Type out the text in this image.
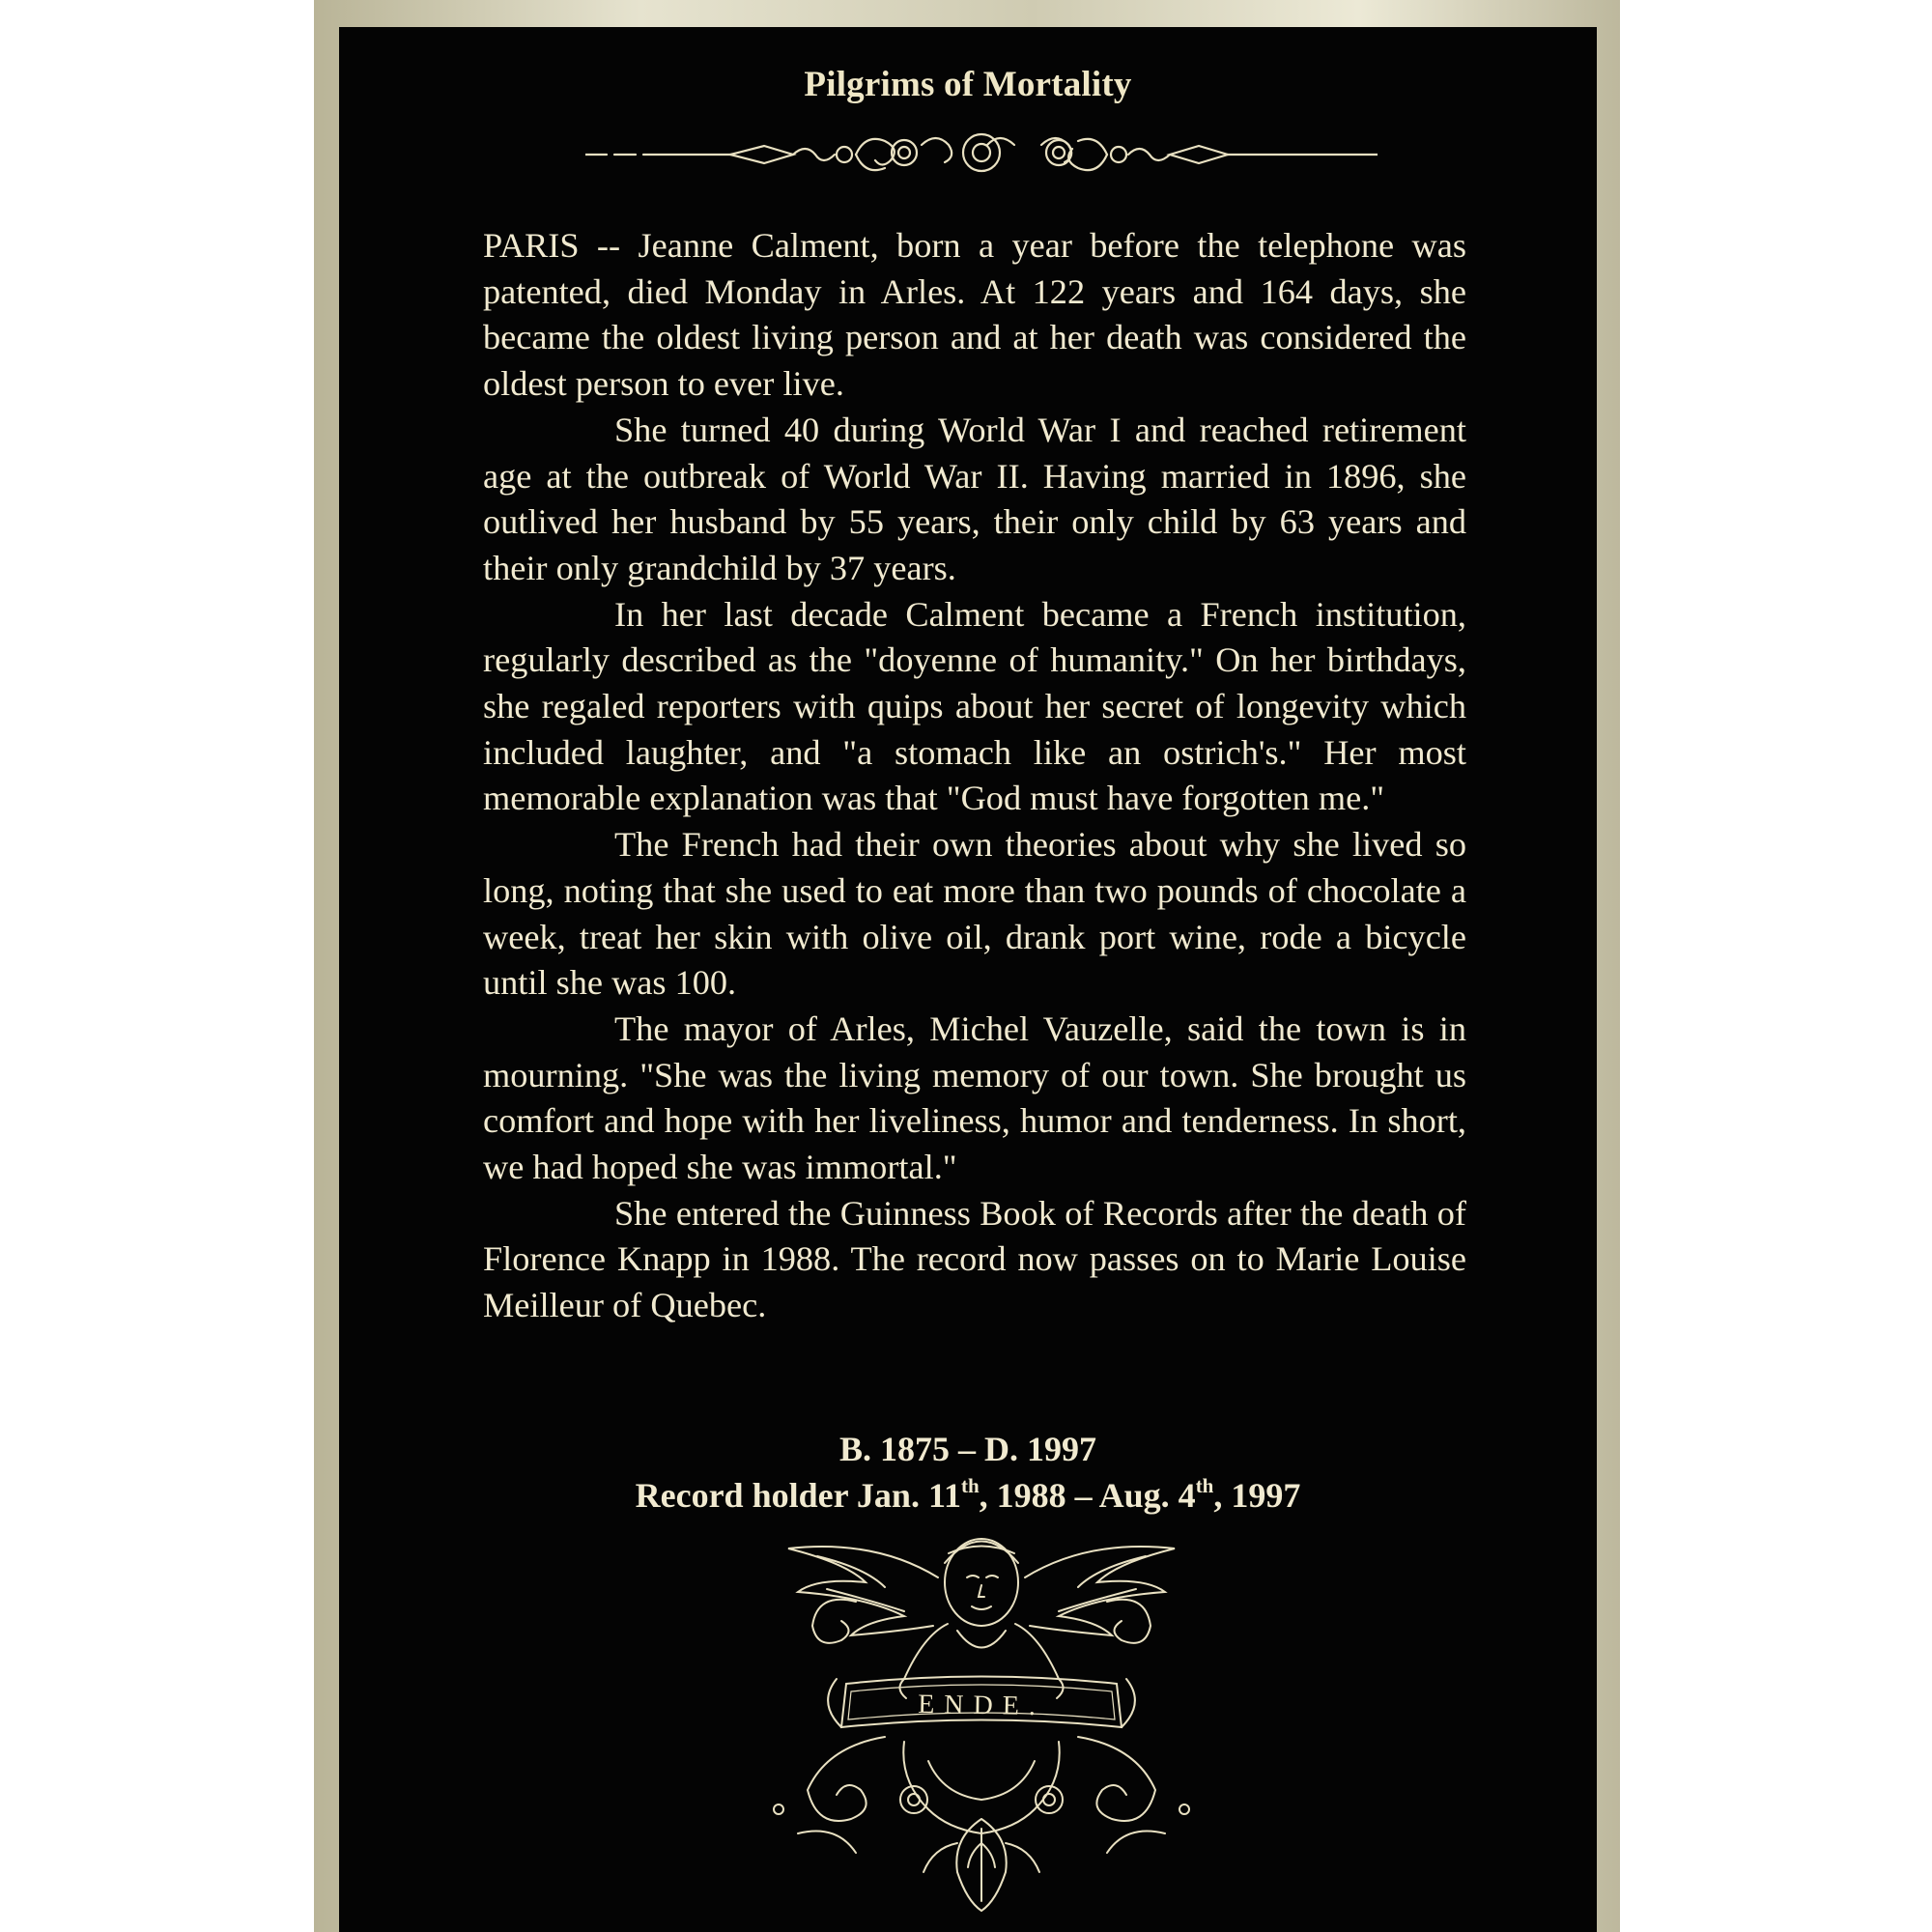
Pilgrims of Mortality

PARIS -- Jeanne Calment, born a year before the telephone was patented, died Monday in Arles. At 122 years and 164 days, she became the oldest living person and at her death was considered the oldest person to ever live.

She turned 40 during World War I and reached retirement age at the outbreak of World War II. Having married in 1896, she outlived her husband by 55 years, their only child by 63 years and their only grandchild by 37 years.

In her last decade Calment became a French institution, regularly described as the "doyenne of humanity." On her birthdays, she regaled reporters with quips about her secret of longevity which included laughter, and "a stomach like an ostrich's." Her most memorable explanation was that "God must have forgotten me."

The French had their own theories about why she lived so long, noting that she used to eat more than two pounds of chocolate a week, treat her skin with olive oil, drank port wine, rode a bicycle until she was 100.

The mayor of Arles, Michel Vauzelle, said the town is in mourning. "She was the living memory of our town. She brought us comfort and hope with her liveliness, humor and tenderness. In short, we had hoped she was immortal."

She entered the Guinness Book of Records after the death of Florence Knapp in 1988. The record now passes on to Marie Louise Meilleur of Quebec.

B. 1875 – D. 1997
Record holder Jan. 11th, 1988 – Aug. 4th, 1997
ENDE.
